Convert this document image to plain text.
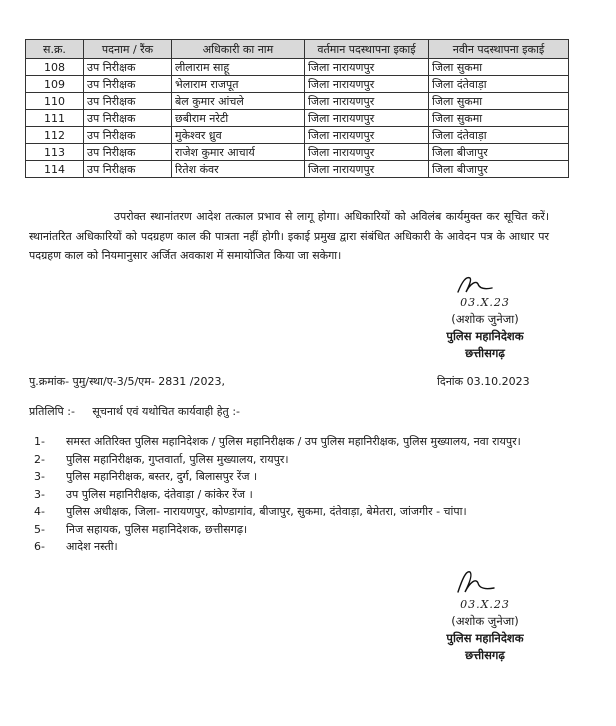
स.क्र.	पदनाम / रैंक	अधिकारी का नाम	वर्तमान पदस्थापना इकाई	नवीन पदस्थापना इकाई
108	उप निरीक्षक	लीलाराम साहू	जिला नारायणपुर	जिला सुकमा
109	उप निरीक्षक	भेलाराम राजपूत	जिला नारायणपुर	जिला दंतेवाड़ा
110	उप निरीक्षक	बेल कुमार आंचले	जिला नारायणपुर	जिला सुकमा
111	उप निरीक्षक	छबीराम नरेटी	जिला नारायणपुर	जिला सुकमा
112	उप निरीक्षक	मुकेश्वर ध्रुव	जिला नारायणपुर	जिला दंतेवाड़ा
113	उप निरीक्षक	राजेश कुमार आचार्य	जिला नारायणपुर	जिला बीजापुर
114	उप निरीक्षक	रितेश कंवर	जिला नारायणपुर	जिला बीजापुर

उपरोक्त स्थानांतरण आदेश तत्काल प्रभाव से लागू होगा। अधिकारियों को अविलंब कार्यमुक्त कर सूचित करें। स्थानांतरित अधिकारियों को पदग्रहण काल की पात्रता नहीं होगी। इकाई प्रमुख द्वारा संबंधित अधिकारी के आवेदन पत्र के आधार पर पदग्रहण काल को नियमानुसार अर्जित अवकाश में समायोजित किया जा सकेगा।

03.X.23
(अशोक जुनेजा)
पुलिस महानिदेशक
छत्तीसगढ़
पु.क्रमांक- पुमु/स्था/ए-3/5/एम- 2831 /2023,	दिनांक 03.10.2023
प्रतिलिपि :-     सूचनार्थ एवं यथोचित कार्यवाही हेतु :-
1-	समस्त अतिरिक्त पुलिस महानिदेशक / पुलिस महानिरीक्षक / उप पुलिस महानिरीक्षक, पुलिस मुख्यालय, नवा रायपुर।
2-	पुलिस महानिरीक्षक, गुप्तवार्ता, पुलिस मुख्यालय, रायपुर।
3-	पुलिस महानिरीक्षक, बस्तर, दुर्ग, बिलासपुर रेंज ।
3-	उप पुलिस महानिरीक्षक, दंतेवाड़ा / कांकेर रेंज ।
4-	पुलिस अधीक्षक, जिला- नारायणपुर, कोण्डागांव, बीजापुर, सुकमा, दंतेवाड़ा, बेमेतरा, जांजगीर - चांपा।
5-	निज सहायक, पुलिस महानिदेशक, छत्तीसगढ़।
6-	आदेश नस्ती।
03.X.23
(अशोक जुनेजा)
पुलिस महानिदेशक
छत्तीसगढ़
